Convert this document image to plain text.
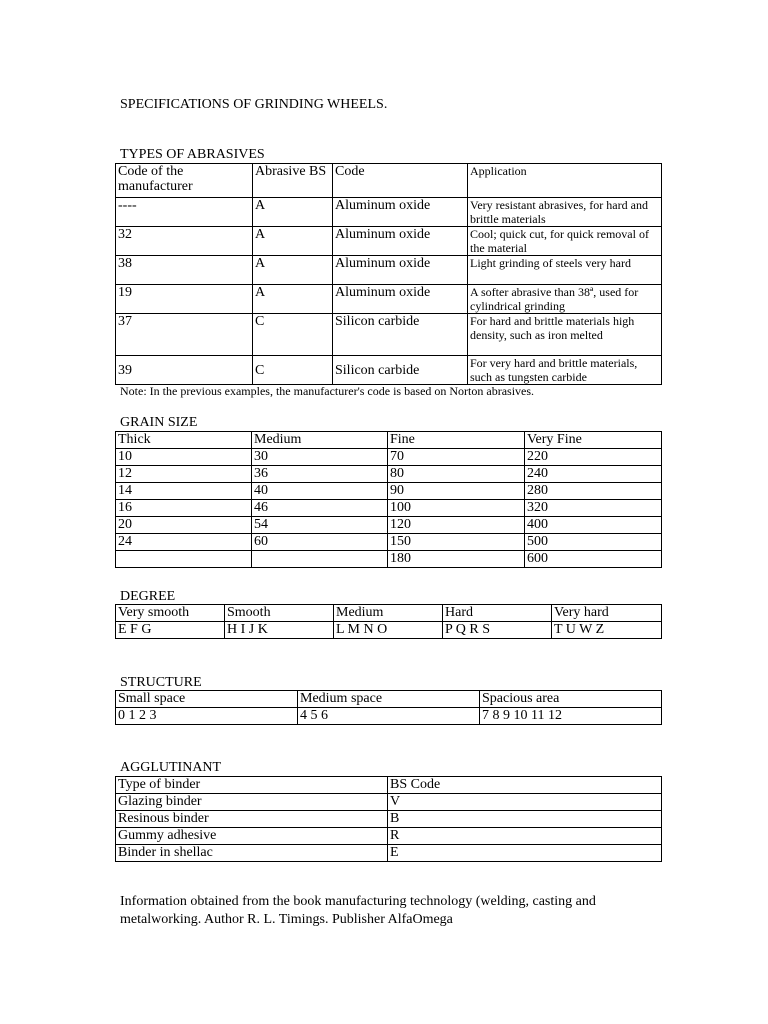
SPECIFICATIONS OF GRINDING WHEELS.
TYPES OF ABRASIVES
Code of the manufacturer	Abrasive BS	Code	Application
----	A	Aluminum oxide	Very resistant abrasives, for hard and brittle materials
32	A	Aluminum oxide	Cool; quick cut, for quick removal of the material
38	A	Aluminum oxide	Light grinding of steels very hard
19	A	Aluminum oxide	A softer abrasive than 38ª, used for cylindrical grinding
37	C	Silicon carbide	For hard and brittle materials high density, such as iron melted
39	C	Silicon carbide	For very hard and brittle materials, such as tungsten carbide
Note: In the previous examples, the manufacturer's code is based on Norton abrasives.
GRAIN SIZE
Thick	Medium	Fine	Very Fine
10	30	70	220
12	36	80	240
14	40	90	280
16	46	100	320
20	54	120	400
24	60	150	500
		180	600
DEGREE
Very smooth	Smooth	Medium	Hard	Very hard
E F G	H I J K	L M N O	P Q R S	T U W Z
STRUCTURE
Small space	Medium space	Spacious area
0 1 2 3	4 5 6	7 8 9 10 11 12
AGGLUTINANT
Type of binder	BS Code
Glazing binder	V
Resinous binder	B
Gummy adhesive	R
Binder in shellac	E
Information obtained from the book manufacturing technology (welding, casting and metalworking. Author R. L. Timings. Publisher AlfaOmega
